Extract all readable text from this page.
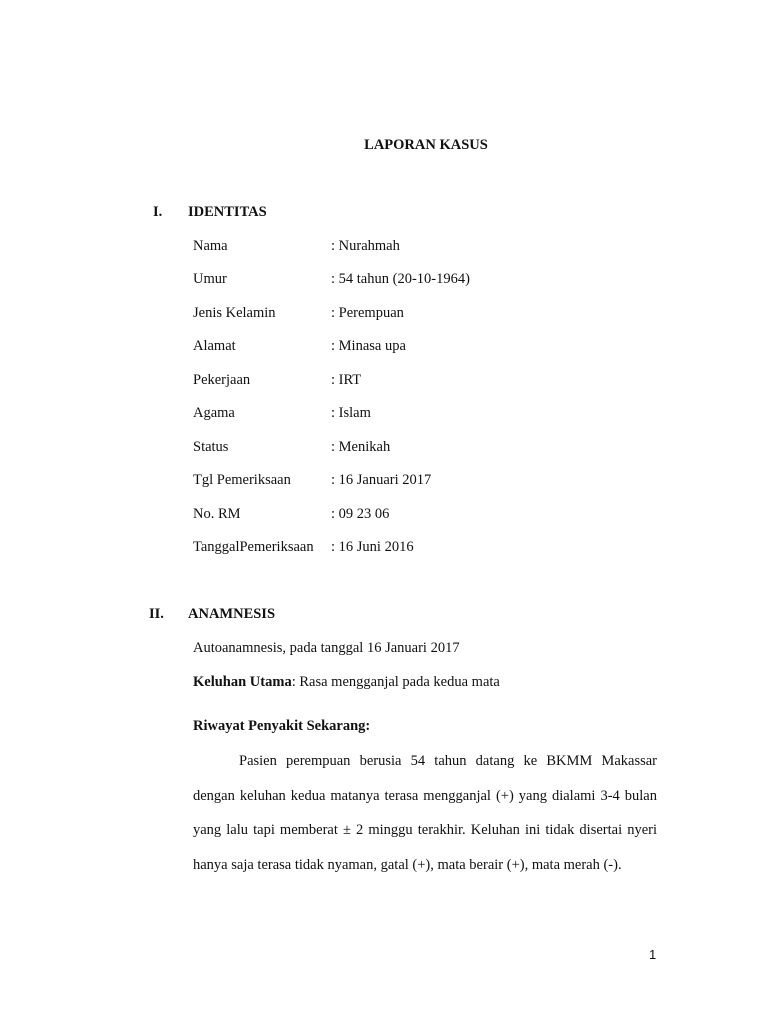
LAPORAN KASUS
I. IDENTITAS
Nama	: Nurahmah
Umur	: 54 tahun (20-10-1964)
Jenis Kelamin	: Perempuan
Alamat	: Minasa upa
Pekerjaan	: IRT
Agama	: Islam
Status	: Menikah
Tgl Pemeriksaan	: 16 Januari 2017
No. RM	: 09 23 06
TanggalPemeriksaan : 16 Juni 2016
II. ANAMNESIS
Autoanamnesis, pada tanggal 16 Januari 2017
Keluhan Utama: Rasa mengganjal pada kedua mata
Riwayat Penyakit Sekarang:

Pasien perempuan berusia 54 tahun datang ke BKMM Makassar dengan keluhan kedua matanya terasa mengganjal (+) yang dialami 3-4 bulan yang lalu tapi memberat ± 2 minggu terakhir. Keluhan ini tidak disertai nyeri hanya saja terasa tidak nyaman, gatal (+), mata berair (+), mata merah (-).

1
